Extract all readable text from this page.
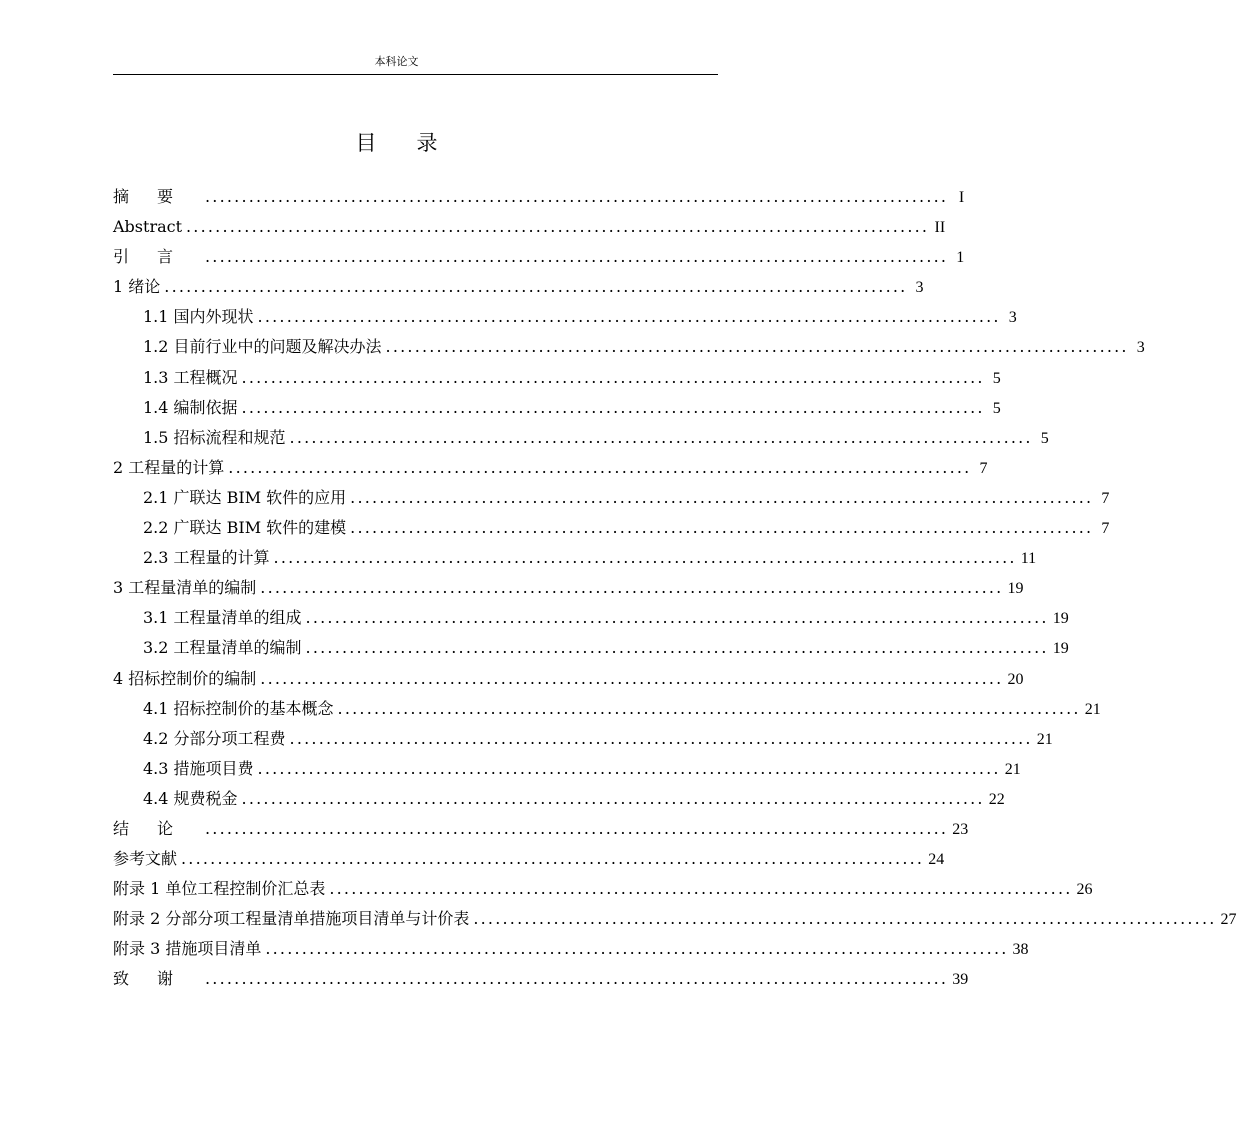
本科论文
目录
摘要 ...................................................................................................... I
Abstract ...................................................................................................... II
引言 ...................................................................................................... 1
1 绪论 ...................................................................................................... 3
1.1 国内外现状 ...................................................................................................... 3
1.2 目前行业中的问题及解决办法 ...................................................................................................... 3
1.3 工程概况 ...................................................................................................... 5
1.4 编制依据 ...................................................................................................... 5
1.5 招标流程和规范 ...................................................................................................... 5
2 工程量的计算 ...................................................................................................... 7
2.1 广联达 BIM 软件的应用 ...................................................................................................... 7
2.2 广联达 BIM 软件的建模 ...................................................................................................... 7
2.3 工程量的计算 ...................................................................................................... 11
3 工程量清单的编制 ...................................................................................................... 19
3.1 工程量清单的组成 ...................................................................................................... 19
3.2 工程量清单的编制 ...................................................................................................... 19
4 招标控制价的编制 ...................................................................................................... 20
4.1 招标控制价的基本概念 ...................................................................................................... 21
4.2 分部分项工程费 ...................................................................................................... 21
4.3 措施项目费 ...................................................................................................... 21
4.4 规费税金 ...................................................................................................... 22
结论 ...................................................................................................... 23
参考文献 ...................................................................................................... 24
附录 1 单位工程控制价汇总表 ...................................................................................................... 26
附录 2 分部分项工程量清单措施项目清单与计价表 ...................................................................................................... 27
附录 3 措施项目清单 ...................................................................................................... 38
致谢 ...................................................................................................... 39
